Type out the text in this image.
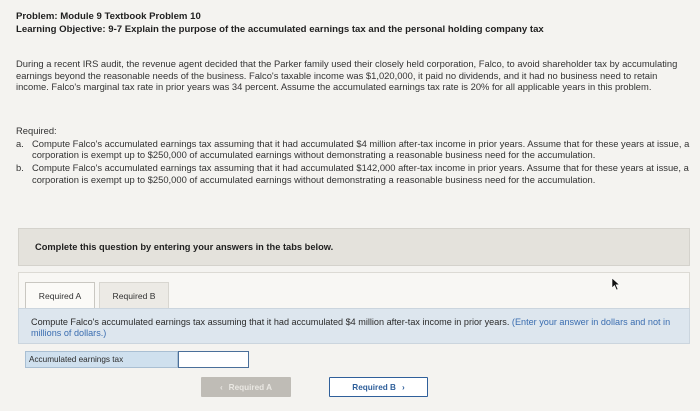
Problem: Module 9 Textbook Problem 10
Learning Objective: 9-7 Explain the purpose of the accumulated earnings tax and the personal holding company tax
During a recent IRS audit, the revenue agent decided that the Parker family used their closely held corporation, Falco, to avoid shareholder tax by accumulating earnings beyond the reasonable needs of the business. Falco's taxable income was $1,020,000, it paid no dividends, and it had no business need to retain income. Falco's marginal tax rate in prior years was 34 percent. Assume the accumulated earnings tax rate is 20% for all applicable years in this problem.
Required:
a. Compute Falco's accumulated earnings tax assuming that it had accumulated $4 million after-tax income in prior years. Assume that for these years at issue, a corporation is exempt up to $250,000 of accumulated earnings without demonstrating a reasonable business need for the accumulation.
b. Compute Falco's accumulated earnings tax assuming that it had accumulated $142,000 after-tax income in prior years. Assume that for these years at issue, a corporation is exempt up to $250,000 of accumulated earnings without demonstrating a reasonable business need for the accumulation.
Complete this question by entering your answers in the tabs below.
Required A	Required B
Compute Falco's accumulated earnings tax assuming that it had accumulated $4 million after-tax income in prior years. (Enter your answer in dollars and not in millions of dollars.)
Accumulated earnings tax
‹ Required A	Required B ›
